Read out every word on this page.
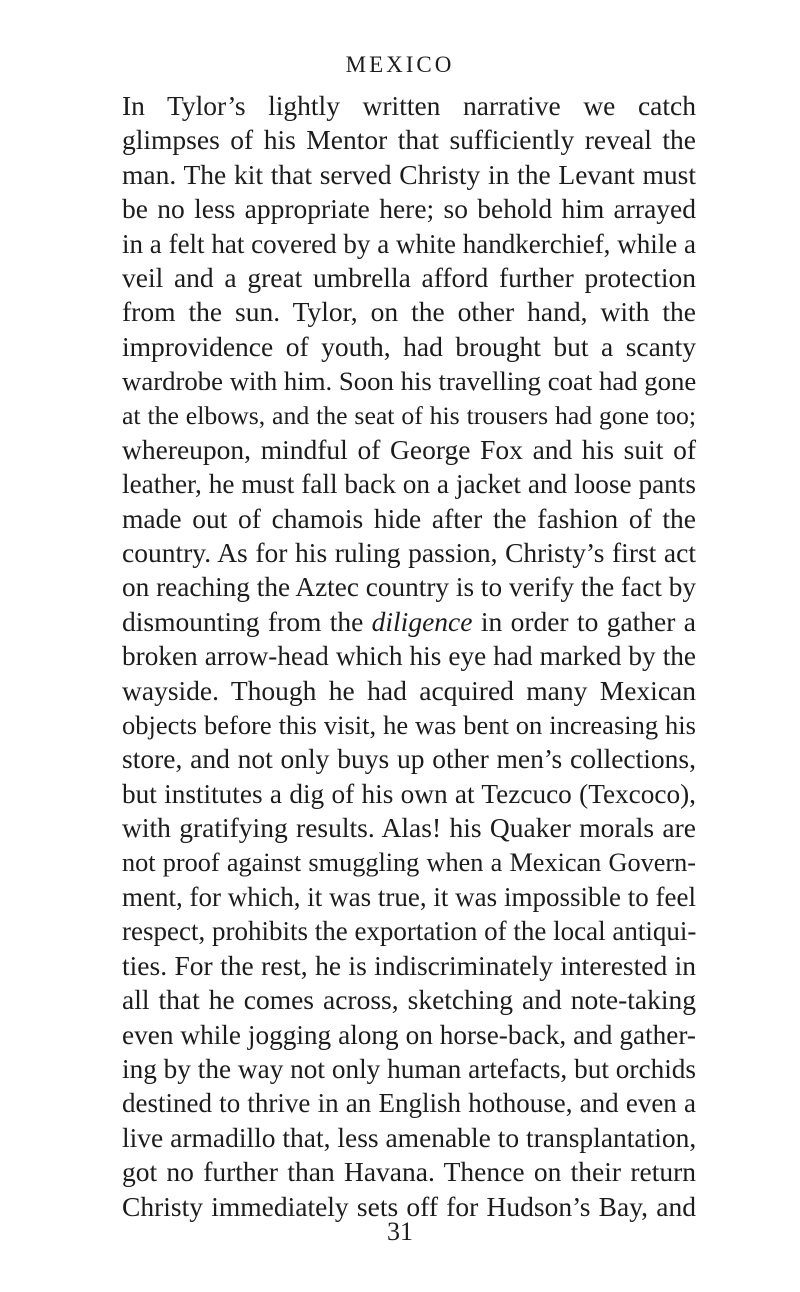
MEXICO
In Tylor’s lightly written narrative we catch
glimpses of his Mentor that sufficiently reveal the
man. The kit that served Christy in the Levant must
be no less appropriate here; so behold him arrayed
in a felt hat covered by a white handkerchief, while a
veil and a great umbrella afford further protection
from the sun. Tylor, on the other hand, with the
improvidence of youth, had brought but a scanty
wardrobe with him. Soon his travelling coat had gone
at the elbows, and the seat of his trousers had gone too;
whereupon, mindful of George Fox and his suit of
leather, he must fall back on a jacket and loose pants
made out of chamois hide after the fashion of the
country. As for his ruling passion, Christy’s first act
on reaching the Aztec country is to verify the fact by
dismounting from the diligence in order to gather a
broken arrow-head which his eye had marked by the
wayside. Though he had acquired many Mexican
objects before this visit, he was bent on increasing his
store, and not only buys up other men’s collections,
but institutes a dig of his own at Tezcuco (Texcoco),
with gratifying results. Alas! his Quaker morals are
not proof against smuggling when a Mexican Govern-
ment, for which, it was true, it was impossible to feel
respect, prohibits the exportation of the local antiqui-
ties. For the rest, he is indiscriminately interested in
all that he comes across, sketching and note-taking
even while jogging along on horse-back, and gather-
ing by the way not only human artefacts, but orchids
destined to thrive in an English hothouse, and even a
live armadillo that, less amenable to transplantation,
got no further than Havana. Thence on their return
Christy immediately sets off for Hudson’s Bay, and
31
